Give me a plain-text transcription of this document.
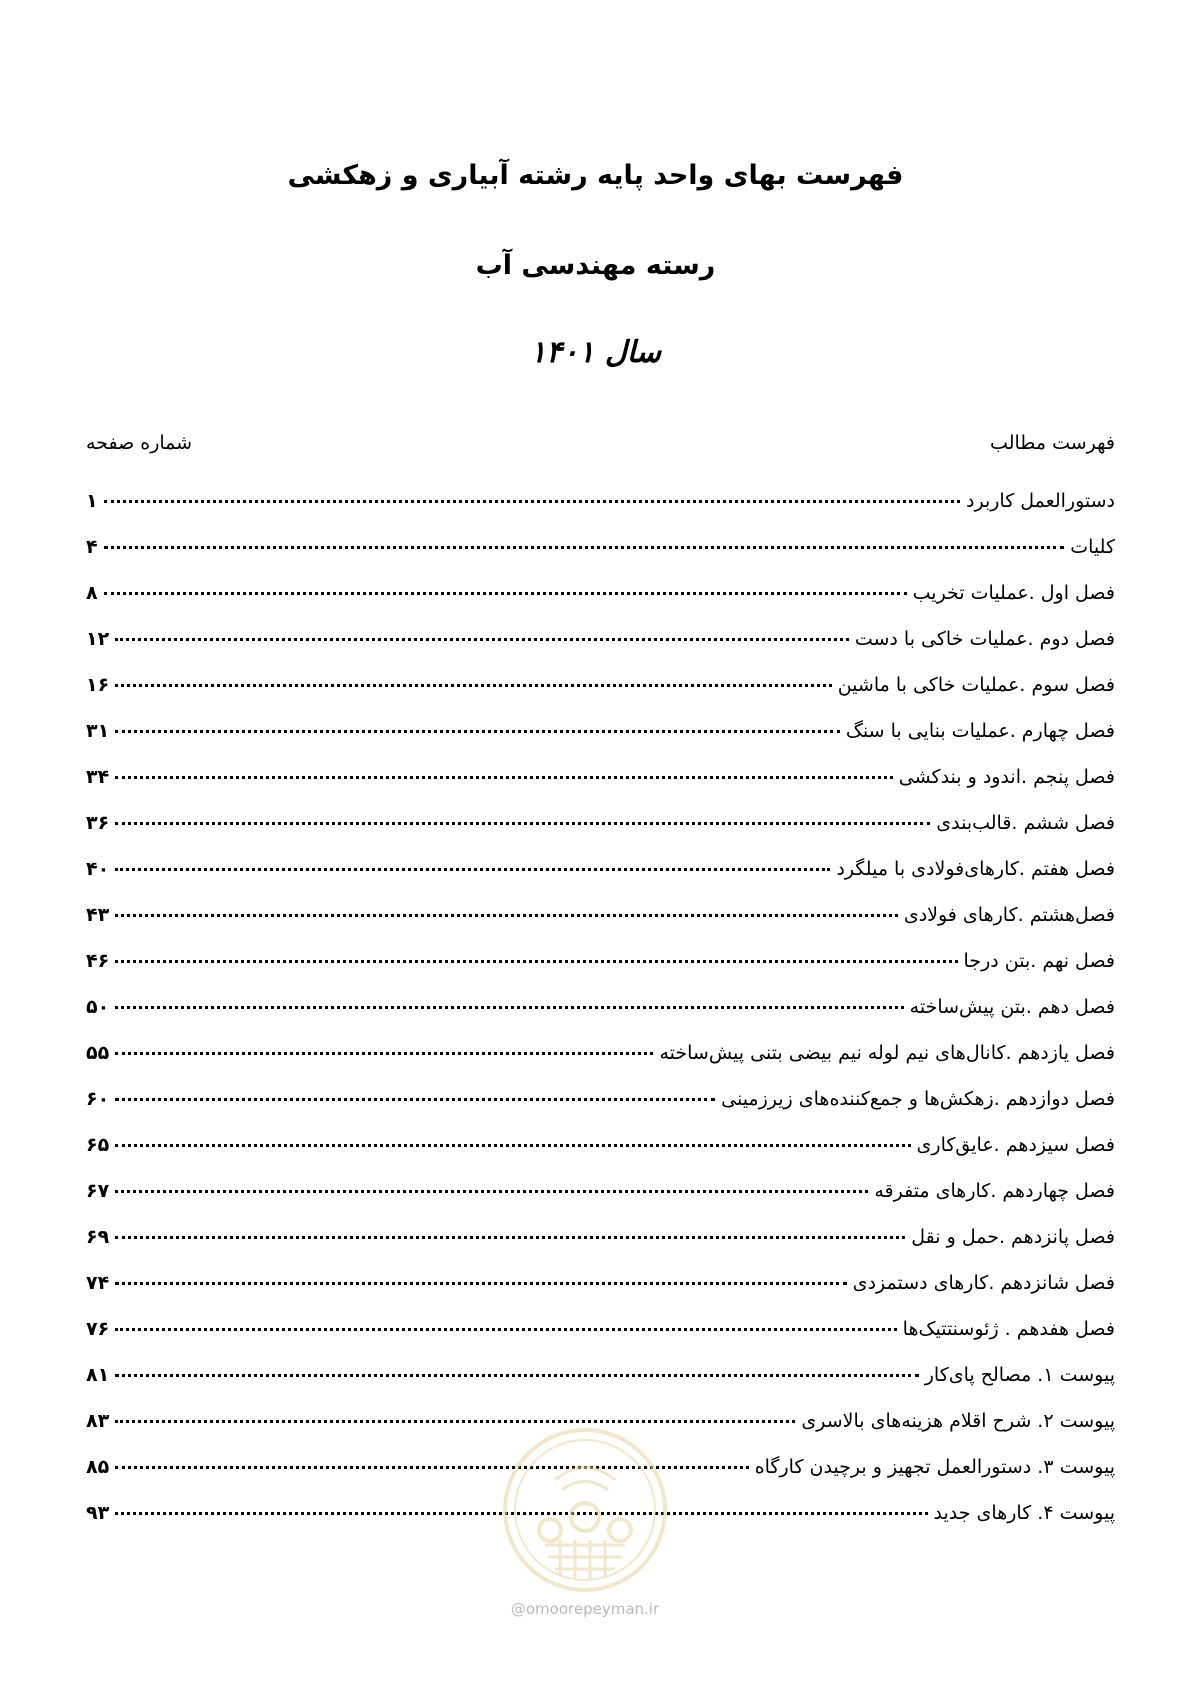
فهرست بهای واحد پایه رشته آبیاری و زهکشی
رسته مهندسی آب
سال ۱۴۰۱
فهرست مطالب
شماره صفحه
دستورالعمل کاربرد
۱
کلیات
۴
فصل اول .عملیات تخریب
۸
فصل دوم .عملیات خاکی با دست
۱۲
فصل سوم .عملیات خاکی با ماشین
۱۶
فصل چهارم .عملیات بنایی با سنگ
۳۱
فصل پنجم .اندود و بندکشی
۳۴
فصل ششم .قالب‌بندی
۳۶
فصل هفتم .کارهای‌فولادی با میلگرد
۴۰
فصل‌هشتم .کارهای فولادی
۴۳
فصل نهم .بتن درجا
۴۶
فصل دهم .بتن پیش‌ساخته
۵۰
فصل یازدهم .کانال‌های نیم لوله نیم بیضی بتنی پیش‌ساخته
۵۵
فصل دوازدهم .زهکش‌ها و جمع‌کننده‌های زیرزمینی
۶۰
فصل سیزدهم .عایق‌کاری
۶۵
فصل چهاردهم .کارهای متفرقه
۶۷
فصل پانزدهم .حمل و نقل
۶۹
فصل شانزدهم .کارهای دستمزدی
۷۴
فصل هفدهم . ژئوسنتتیک‌ها
۷۶
پیوست ۱. مصالح پای‌کار
۸۱
پیوست ۲. شرح اقلام هزینه‌های بالاسری
۸۳
پیوست ۳. دستورالعمل تجهیز و برچیدن کارگاه
۸۵
پیوست ۴. کارهای جدید
۹۳
@omoorepeyman.ir
